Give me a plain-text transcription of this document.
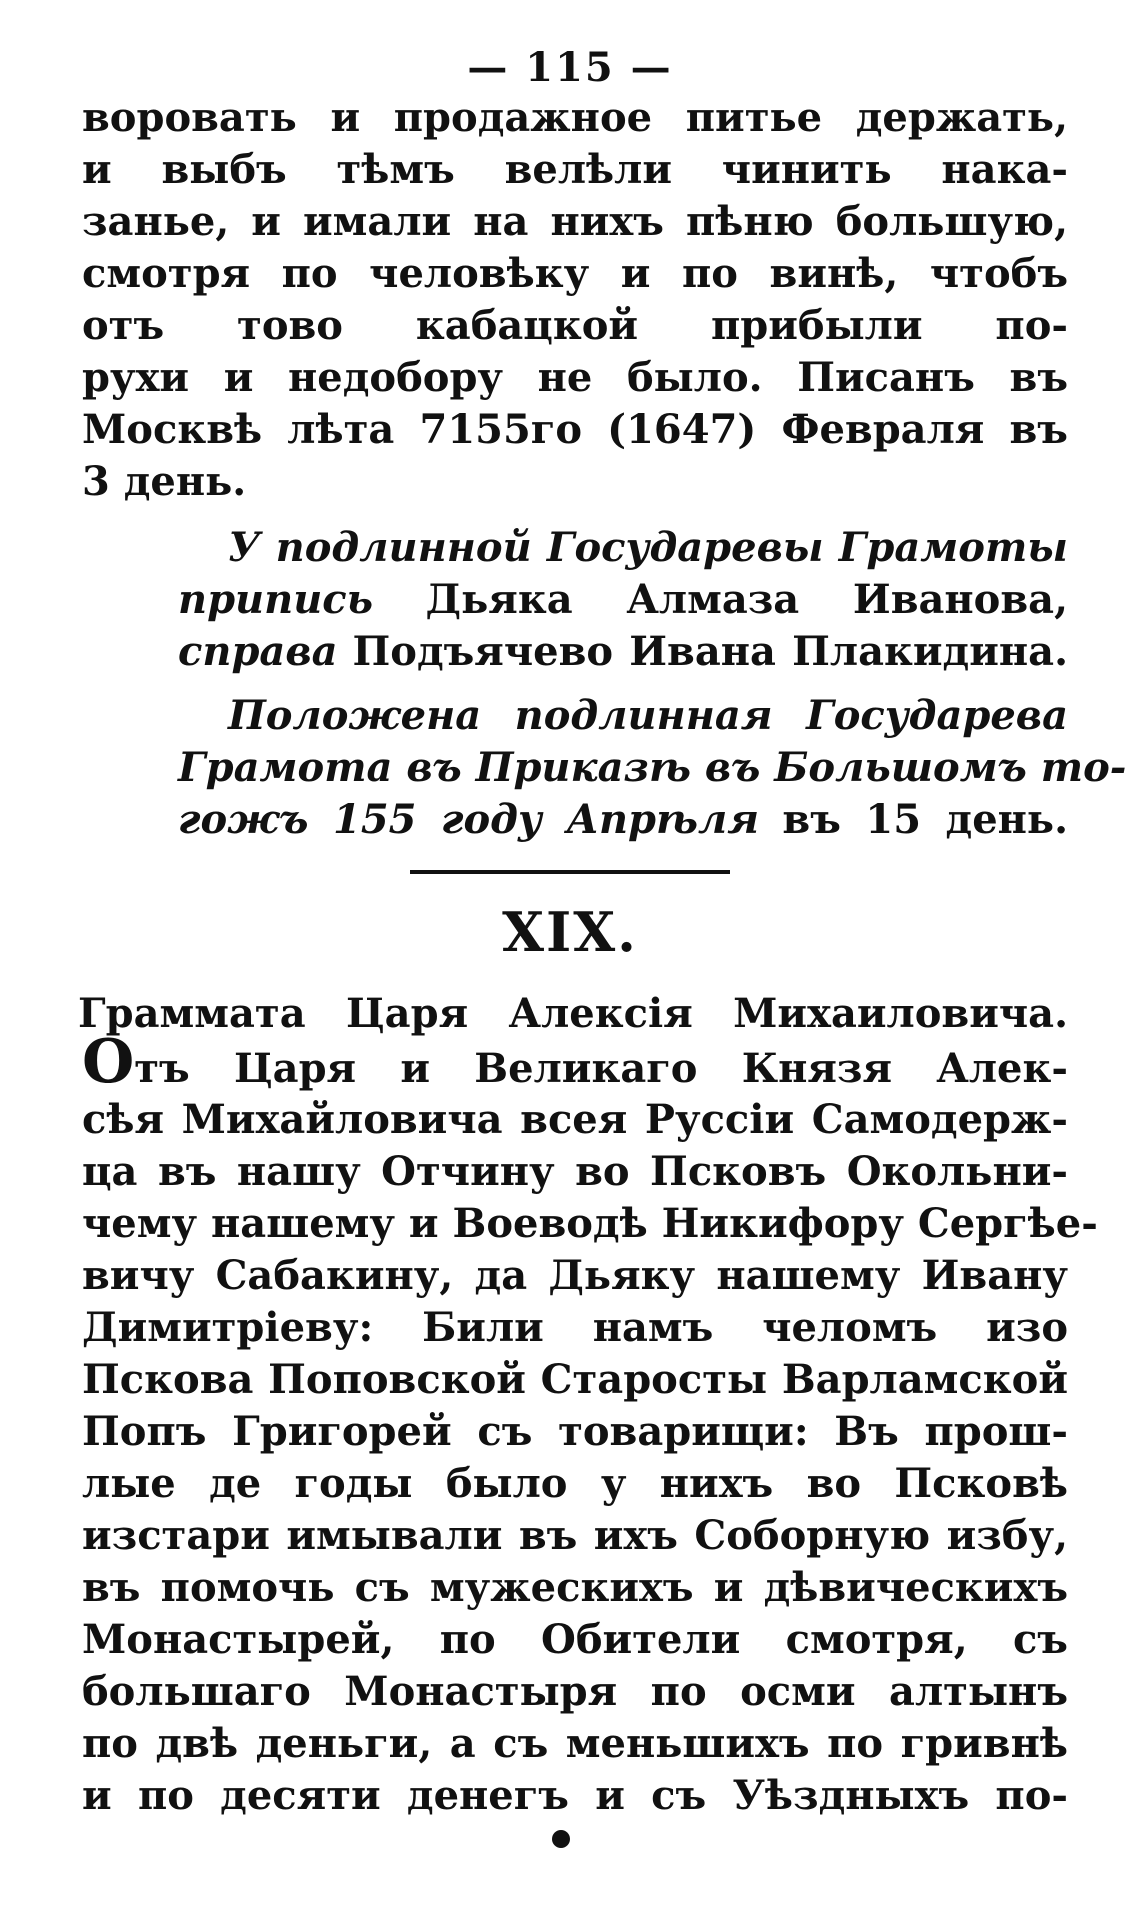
— 115 —
воровать и продажное питье держать,
и выбъ тѣмъ велѣли чинить нака-
занье, и имали на нихъ пѣню большую,
смотря по человѣку и по винѣ, чтобъ
отъ тово кабацкой прибыли по-
рухи и недобору не было. Писанъ въ
Москвѣ лѣта 7155го (1647) Февраля въ
3 день.
У подлинной Государевы Грамоты
припись Дьяка Алмаза Иванова,
справа Подъячево Ивана Плакидина.
Положена подлинная Государева
Грамота въ Приказѣ въ Большомъ то-
гожъ 155 году Апрѣля въ 15 день.
XIX.
Граммата Царя Алексія Михаиловича.
Отъ Царя и Великаго Князя Алек-
сѣя Михайловича всея Руссіи Самодерж-
ца въ нашу Отчину во Псковъ Окольни-
чему нашему и Воеводѣ Никифору Сергѣе-
вичу Сабакину, да Дьяку нашему Ивану
Димитріеву: Били намъ челомъ изо
Пскова Поповской Старосты Варламской
Попъ Григорей съ товарищи: Въ прош-
лые де годы было у нихъ во Псковѣ
изстари имывали въ ихъ Соборную избу,
въ помочь съ мужескихъ и дѣвическихъ
Монастырей, по Обители смотря, съ
большаго Монастыря по осми алтынъ
по двѣ деньги, а съ меньшихъ по гривнѣ
и по десяти денегъ и съ Уѣздныхъ по-
